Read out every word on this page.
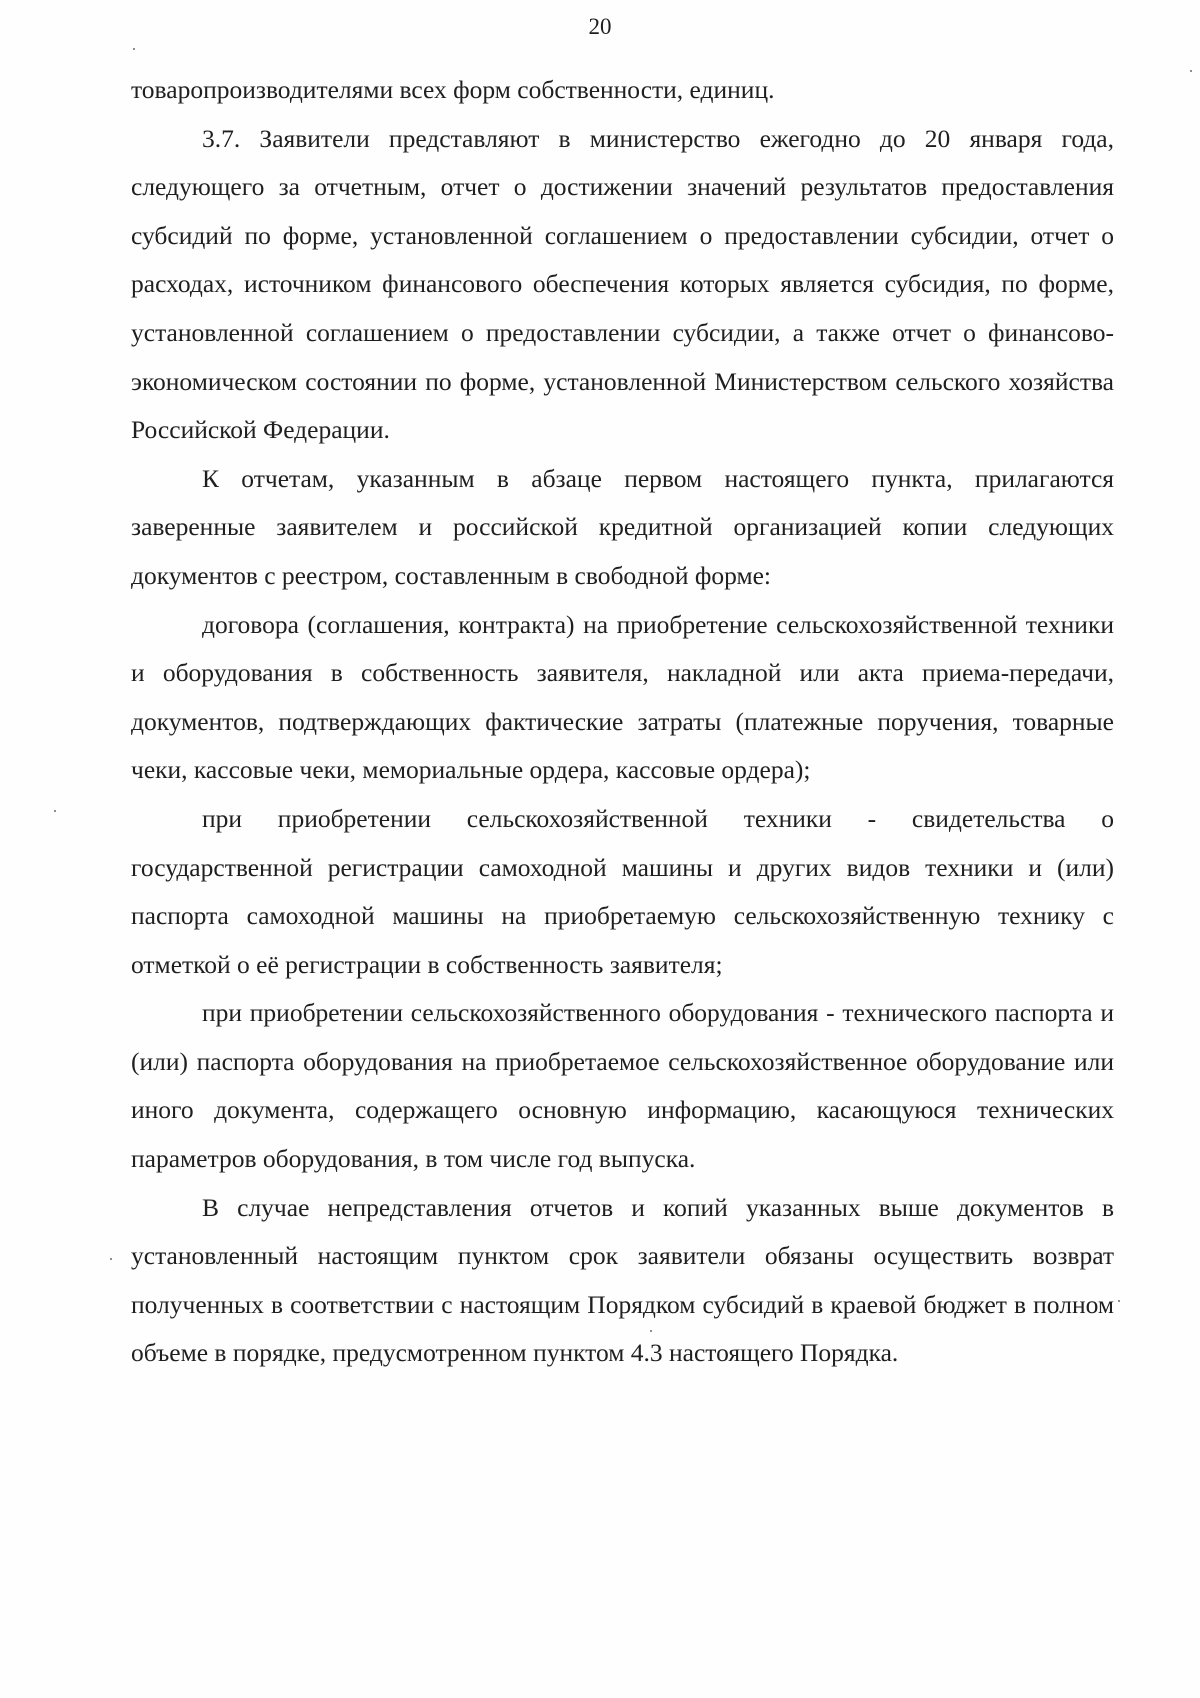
20

товаропроизводителями всех форм собственности, единиц.

3.7. Заявители представляют в министерство ежегодно до 20 января года, следующего за отчетным, отчет о достижении значений результатов предоставления субсидий по форме, установленной соглашением о предоставлении субсидии, отчет о расходах, источником финансового обеспечения которых является субсидия, по форме, установленной соглашением о предоставлении субсидии, а также отчет о финансово-экономическом состоянии по форме, установленной Министерством сельского хозяйства Российской Федерации.

К отчетам, указанным в абзаце первом настоящего пункта, прилагаются заверенные заявителем и российской кредитной организацией копии следующих документов с реестром, составленным в свободной форме:

договора (соглашения, контракта) на приобретение сельскохозяйственной техники и оборудования в собственность заявителя, накладной или акта приема-передачи, документов, подтверждающих фактические затраты (платежные поручения, товарные чеки, кассовые чеки, мемориальные ордера, кассовые ордера);

при приобретении сельскохозяйственной техники - свидетельства о государственной регистрации самоходной машины и других видов техники и (или) паспорта самоходной машины на приобретаемую сельскохозяйственную технику с отметкой о её регистрации в собственность заявителя;

при приобретении сельскохозяйственного оборудования - технического паспорта и (или) паспорта оборудования на приобретаемое сельскохозяйственное оборудование или иного документа, содержащего основную информацию, касающуюся технических параметров оборудования, в том числе год выпуска.

В случае непредставления отчетов и копий указанных выше документов в установленный настоящим пунктом срок заявители обязаны осуществить возврат полученных в соответствии с настоящим Порядком субсидий в краевой бюджет в полном объеме в порядке, предусмотренном пунктом 4.3 настоящего Порядка.
